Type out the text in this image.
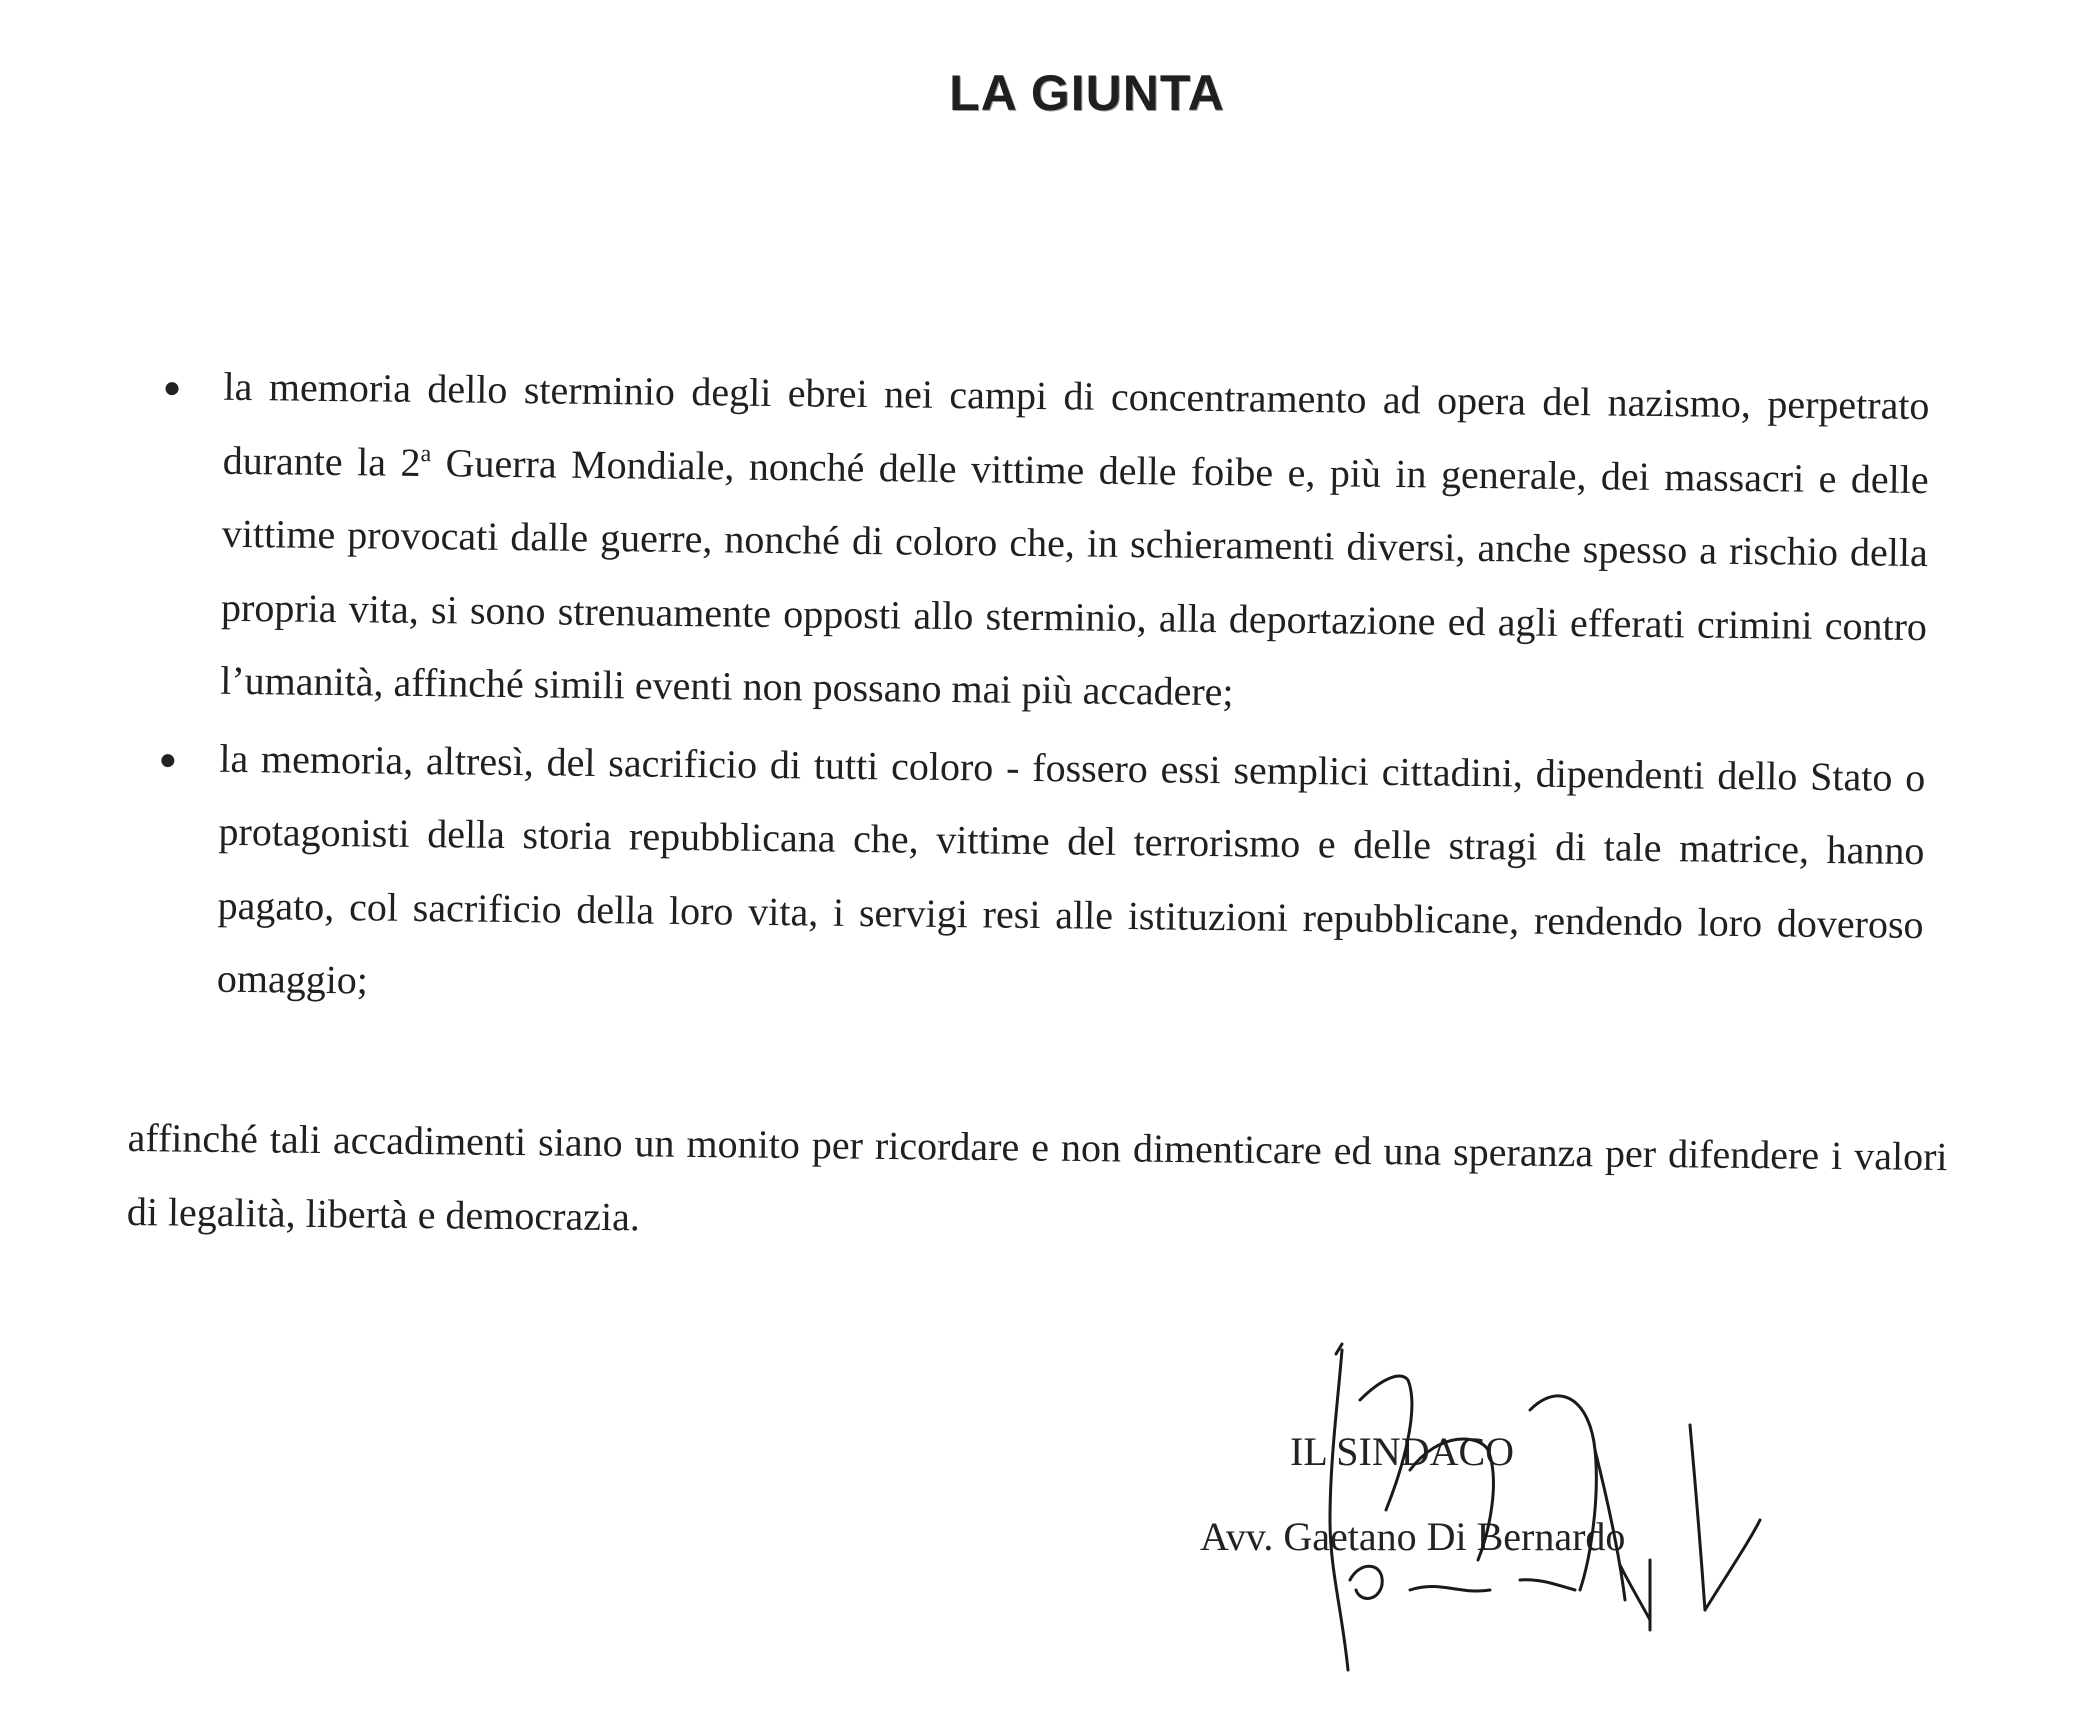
LA GIUNTA
la memoria dello sterminio degli ebrei nei campi di concentramento ad opera del nazismo, perpetrato durante la 2$^a$ Guerra Mondiale, nonché delle vittime delle foibe e, più in generale, dei massacri e delle vittime provocati dalle guerre, nonché di coloro che, in schieramenti diversi, anche spesso a rischio della propria vita, si sono strenuamente opposti allo sterminio, alla deportazione ed agli efferati crimini contro l’umanità, affinché simili eventi non possano mai più accadere;
la memoria, altresì, del sacrificio di tutti coloro - fossero essi semplici cittadini, dipendenti dello Stato o protagonisti della storia repubblicana che, vittime del terrorismo e delle stragi di tale matrice, hanno pagato, col sacrificio della loro vita, i servigi resi alle istituzioni repubblicane, rendendo loro doveroso omaggio;
affinché tali accadimenti siano un monito per ricordare e non dimenticare ed una speranza per difendere i valori di legalità, libertà e democrazia.
IL SINDACO
Avv. Gaetano Di Bernardo
